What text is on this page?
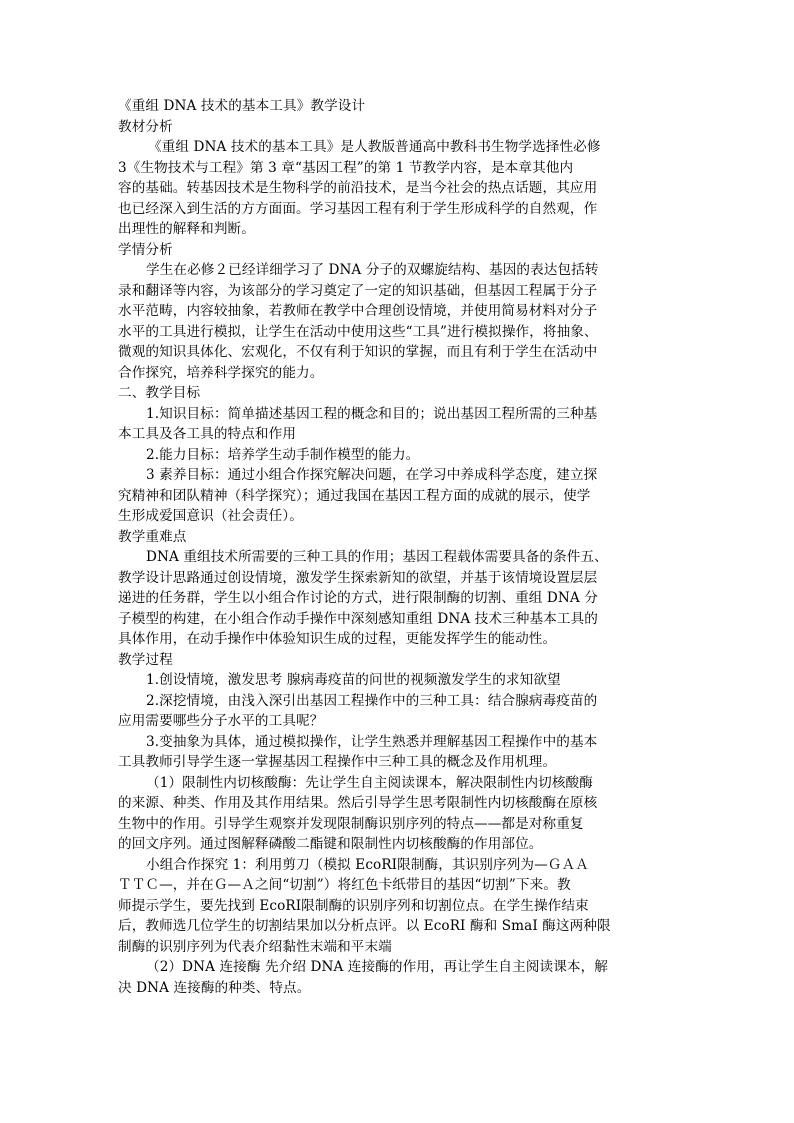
《重组 DNA 技术的基本工具》教学设计
教材分析
《重组 DNA 技术的基本工具》是人教版普通高中教科书生物学选择性必修
3《生物技术与工程》第 3 章“基因工程”的第 1 节教学内容，是本章其他内
容的基础。转基因技术是生物科学的前沿技术，是当今社会的热点话题，其应用
也已经深入到生活的方方面面。学习基因工程有利于学生形成科学的自然观，作
出理性的解释和判断。
学情分析
学生在必修２已经详细学习了 DNA 分子的双螺旋结构、基因的表达包括转
录和翻译等内容，为该部分的学习奠定了一定的知识基础，但基因工程属于分子
水平范畴，内容较抽象，若教师在教学中合理创设情境，并使用简易材料对分子
水平的工具进行模拟，让学生在活动中使用这些“工具”进行模拟操作，将抽象、
微观的知识具体化、宏观化，不仅有利于知识的掌握，而且有利于学生在活动中
合作探究，培养科学探究的能力。
二、教学目标
1.知识目标：简单描述基因工程的概念和目的；说出基因工程所需的三种基
本工具及各工具的特点和作用
2.能力目标：培养学生动手制作模型的能力。
3 素养目标：通过小组合作探究解决问题，在学习中养成科学态度，建立探
究精神和团队精神（科学探究）；通过我国在基因工程方面的成就的展示，使学
生形成爱国意识（社会责任）。
教学重难点
DNA 重组技术所需要的三种工具的作用；基因工程载体需要具备的条件五、
教学设计思路通过创设情境，激发学生探索新知的欲望，并基于该情境设置层层
递进的任务群，学生以小组合作讨论的方式，进行限制酶的切割、重组 DNA 分
子模型的构建，在小组合作动手操作中深刻感知重组 DNA 技术三种基本工具的
具体作用，在动手操作中体验知识生成的过程，更能发挥学生的能动性。
教学过程
1.创设情境，激发思考 腺病毒疫苗的问世的视频激发学生的求知欲望
2.深挖情境，由浅入深引出基因工程操作中的三种工具：结合腺病毒疫苗的
应用需要哪些分子水平的工具呢？
3.变抽象为具体，通过模拟操作，让学生熟悉并理解基因工程操作中的基本
工具教师引导学生逐一掌握基因工程操作中三种工具的概念及作用机理。
（1）限制性内切核酸酶：先让学生自主阅读课本，解决限制性内切核酸酶
的来源、种类、作用及其作用结果。然后引导学生思考限制性内切核酸酶在原核
生物中的作用。引导学生观察并发现限制酶识别序列的特点——都是对称重复
的回文序列。通过图解释磷酸二酯键和限制性内切核酸酶的作用部位。
小组合作探究 1：利用剪刀（模拟 EcoRⅠ限制酶，其识别序列为—ＧＡＡ
ＴＴＣ—，并在Ｇ—Ａ之间“切割”）将红色卡纸带目的基因“切割”下来。教
师提示学生，要先找到 EcoRⅠ限制酶的识别序列和切割位点。在学生操作结束
后，教师选几位学生的切割结果加以分析点评。以 EcoRI 酶和 SmaI 酶这两种限
制酶的识别序列为代表介绍黏性末端和平末端
（2）DNA 连接酶 先介绍 DNA 连接酶的作用，再让学生自主阅读课本，解
决 DNA 连接酶的种类、特点。
